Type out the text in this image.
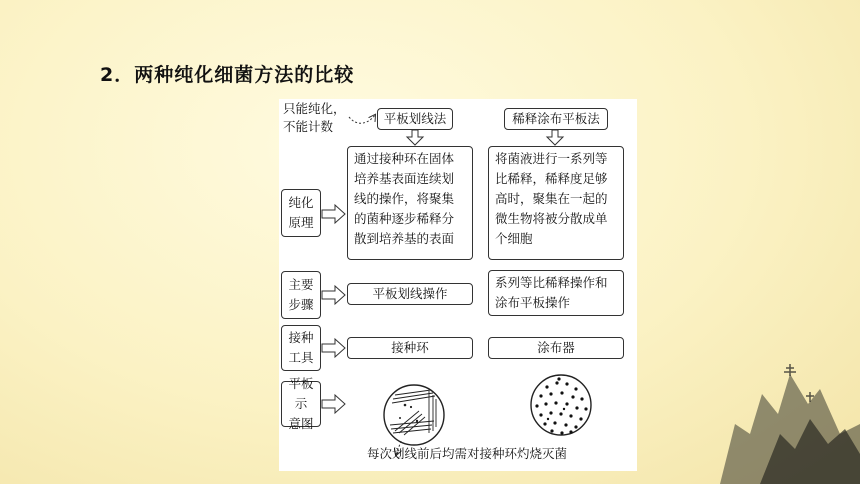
2．两种纯化细菌方法的比较
只能纯化，
不能计数
平板划线法	稀释涂布平板法
纯化
原理
通过接种环在固体培养基表面连续划线的操作，将聚集的菌种逐步稀释分散到培养基的表面
将菌液进行一系列等比稀释，稀释度足够高时，聚集在一起的微生物将被分散成单个细胞
主要
步骤
平板划线操作
系列等比稀释操作和涂布平板操作
接种
工具
接种环	涂布器
平板示
意图
每次划线前后均需对接种环灼烧灭菌
